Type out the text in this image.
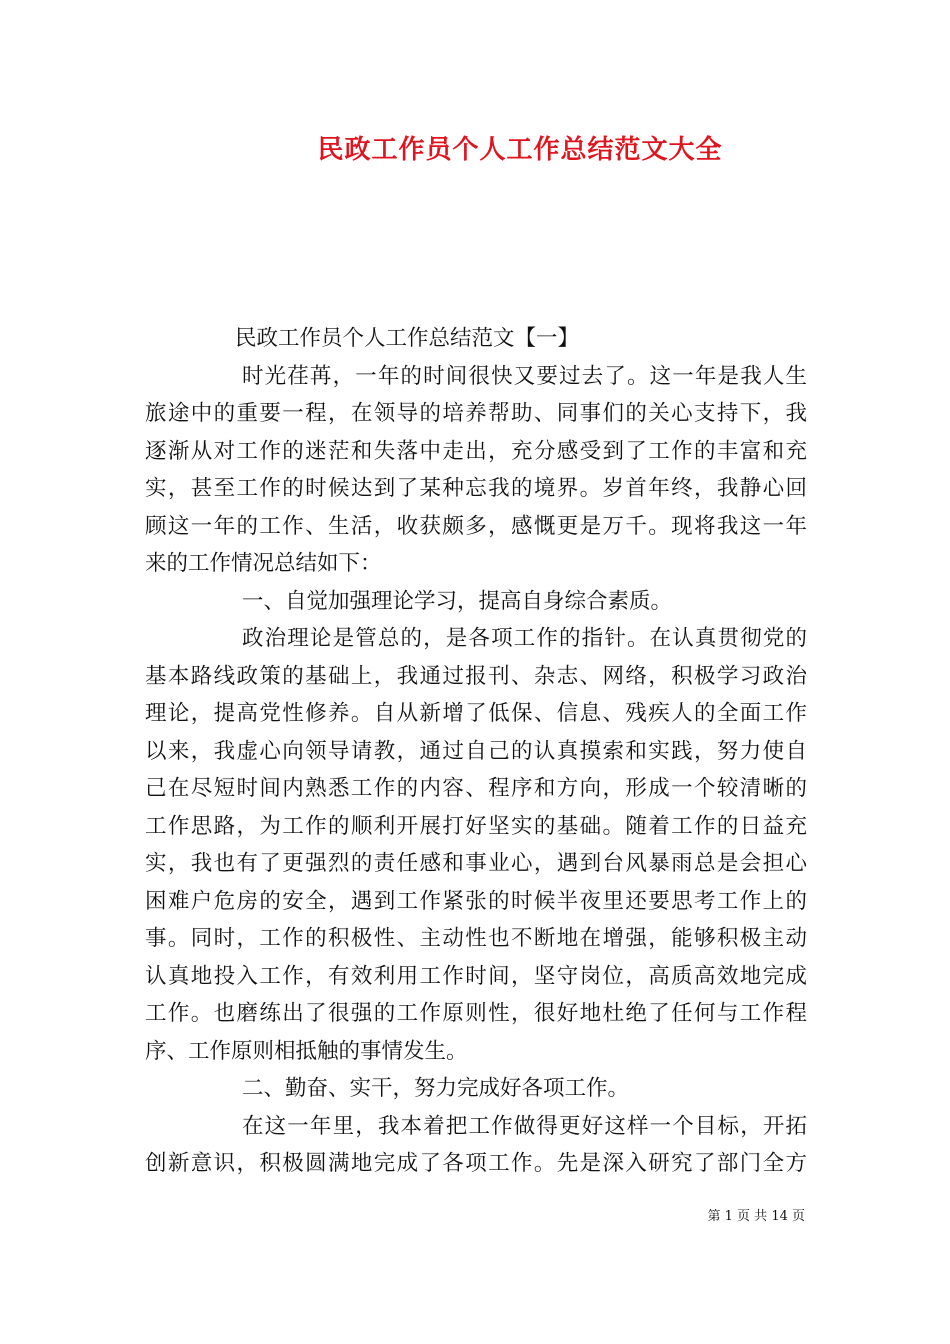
民政工作员个人工作总结范文大全

民政工作员个人工作总结范文【一】

时光荏苒，一年的时间很快又要过去了。这一年是我人生

旅途中的重要一程，在领导的培养帮助、同事们的关心支持下，我

逐渐从对工作的迷茫和失落中走出，充分感受到了工作的丰富和充

实，甚至工作的时候达到了某种忘我的境界。岁首年终，我静心回

顾这一年的工作、生活，收获颇多，感慨更是万千。现将我这一年

来的工作情况总结如下：

一、自觉加强理论学习，提高自身综合素质。

政治理论是管总的，是各项工作的指针。在认真贯彻党的

基本路线政策的基础上，我通过报刊、杂志、网络，积极学习政治

理论，提高党性修养。自从新增了低保、信息、残疾人的全面工作

以来，我虚心向领导请教，通过自己的认真摸索和实践，努力使自

己在尽短时间内熟悉工作的内容、程序和方向，形成一个较清晰的

工作思路，为工作的顺利开展打好坚实的基础。随着工作的日益充

实，我也有了更强烈的责任感和事业心，遇到台风暴雨总是会担心

困难户危房的安全，遇到工作紧张的时候半夜里还要思考工作上的

事。同时，工作的积极性、主动性也不断地在增强，能够积极主动

认真地投入工作，有效利用工作时间，坚守岗位，高质高效地完成

工作。也磨练出了很强的工作原则性，很好地杜绝了任何与工作程

序、工作原则相抵触的事情发生。

二、勤奋、实干，努力完成好各项工作。

在这一年里，我本着把工作做得更好这样一个目标，开拓

创新意识，积极圆满地完成了各项工作。先是深入研究了部门全方

第 1 页 共 14 页
